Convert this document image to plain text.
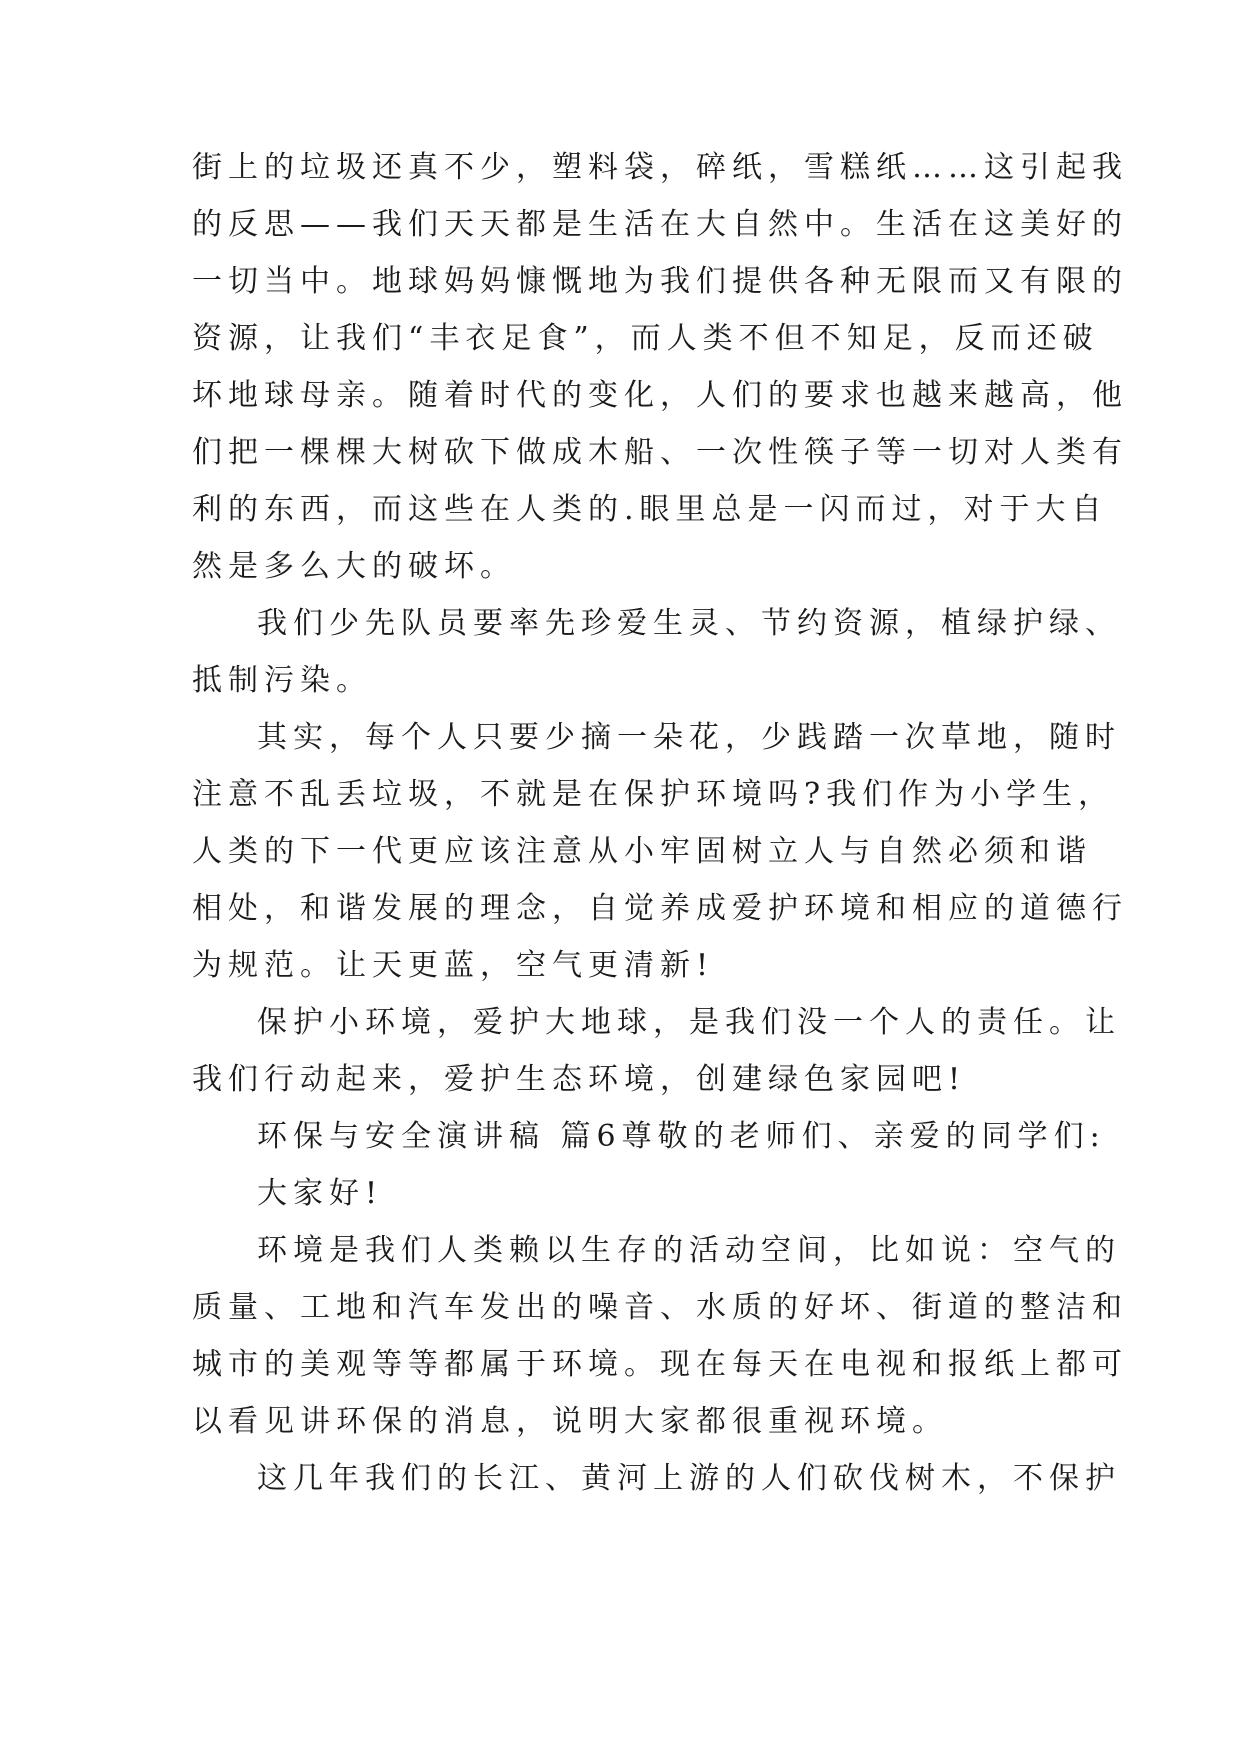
街上的垃圾还真不少，塑料袋，碎纸，雪糕纸……这引起我
的反思——我们天天都是生活在大自然中。生活在这美好的
一切当中。地球妈妈慷慨地为我们提供各种无限而又有限的
资源，让我们“丰衣足食”，而人类不但不知足，反而还破
坏地球母亲。随着时代的变化，人们的要求也越来越高，他
们把一棵棵大树砍下做成木船、一次性筷子等一切对人类有
利的东西，而这些在人类的.眼里总是一闪而过，对于大自
然是多么大的破坏。
我们少先队员要率先珍爱生灵、节约资源，植绿护绿、
抵制污染。
其实，每个人只要少摘一朵花，少践踏一次草地，随时
注意不乱丢垃圾，不就是在保护环境吗?我们作为小学生，
人类的下一代更应该注意从小牢固树立人与自然必须和谐
相处，和谐发展的理念，自觉养成爱护环境和相应的道德行
为规范。让天更蓝，空气更清新!
保护小环境，爱护大地球，是我们没一个人的责任。让
我们行动起来，爱护生态环境，创建绿色家园吧!
环保与安全演讲稿 篇6尊敬的老师们、亲爱的同学们:
大家好!
环境是我们人类赖以生存的活动空间，比如说：空气的
质量、工地和汽车发出的噪音、水质的好坏、街道的整洁和
城市的美观等等都属于环境。现在每天在电视和报纸上都可
以看见讲环保的消息，说明大家都很重视环境。
这几年我们的长江、黄河上游的人们砍伐树木，不保护
